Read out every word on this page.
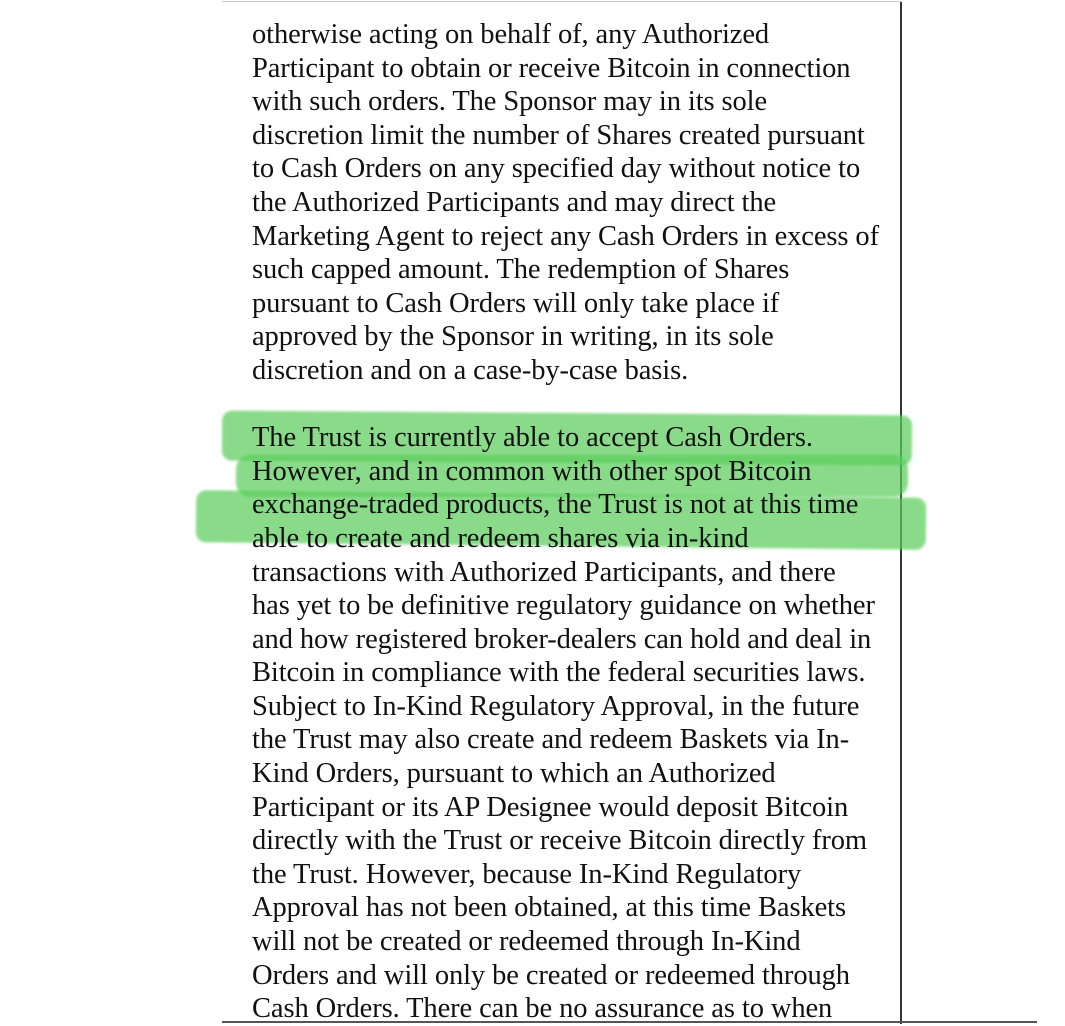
otherwise acting on behalf of, any Authorized
Participant to obtain or receive Bitcoin in connection
with such orders. The Sponsor may in its sole
discretion limit the number of Shares created pursuant
to Cash Orders on any specified day without notice to
the Authorized Participants and may direct the
Marketing Agent to reject any Cash Orders in excess of
such capped amount. The redemption of Shares
pursuant to Cash Orders will only take place if
approved by the Sponsor in writing, in its sole
discretion and on a case-by-case basis.
The Trust is currently able to accept Cash Orders.
However, and in common with other spot Bitcoin
exchange-traded products, the Trust is not at this time
able to create and redeem shares via in-kind
transactions with Authorized Participants, and there
has yet to be definitive regulatory guidance on whether
and how registered broker-dealers can hold and deal in
Bitcoin in compliance with the federal securities laws.
Subject to In-Kind Regulatory Approval, in the future
the Trust may also create and redeem Baskets via In-
Kind Orders, pursuant to which an Authorized
Participant or its AP Designee would deposit Bitcoin
directly with the Trust or receive Bitcoin directly from
the Trust. However, because In-Kind Regulatory
Approval has not been obtained, at this time Baskets
will not be created or redeemed through In-Kind
Orders and will only be created or redeemed through
Cash Orders. There can be no assurance as to when
